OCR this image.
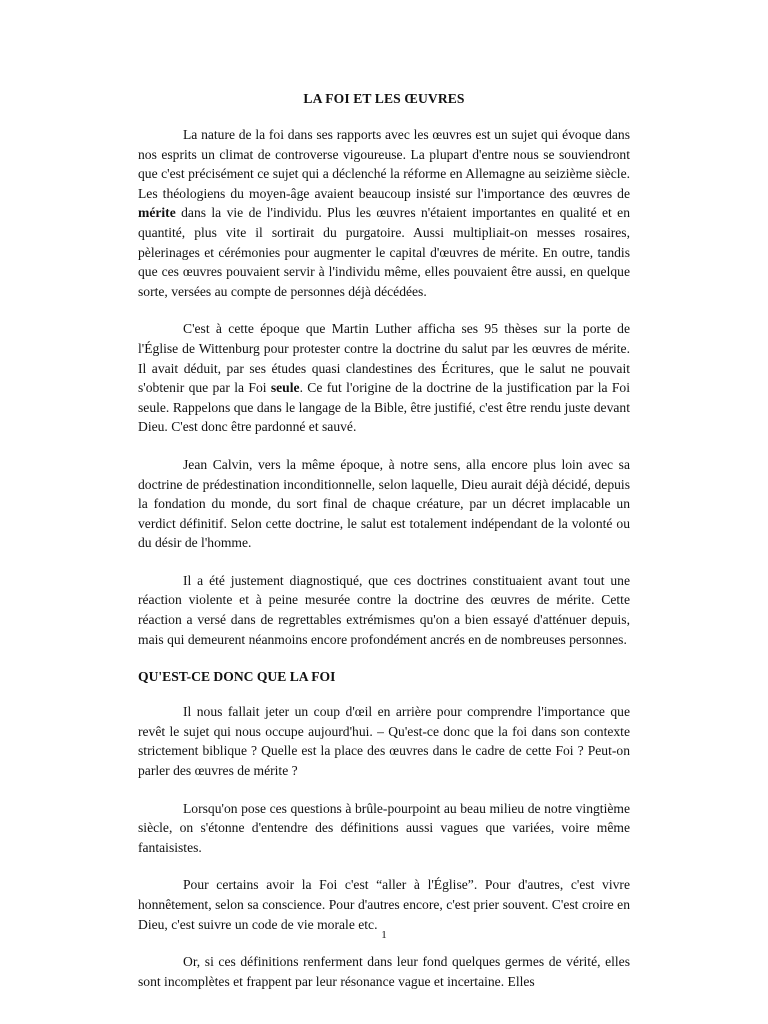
LA FOI ET LES ŒUVRES

La nature de la foi dans ses rapports avec les œuvres est un sujet qui évoque dans nos esprits un climat de controverse vigoureuse. La plupart d'entre nous se souviendront que c'est précisément ce sujet qui a déclenché la réforme en Allemagne au seizième siècle. Les théologiens du moyen-âge avaient beaucoup insisté sur l'importance des œuvres de mérite dans la vie de l'individu. Plus les œuvres n'étaient importantes en qualité et en quantité, plus vite il sortirait du purgatoire. Aussi multipliait-on messes rosaires, pèlerinages et cérémonies pour augmenter le capital d'œuvres de mérite. En outre, tandis que ces œuvres pouvaient servir à l'individu même, elles pouvaient être aussi, en quelque sorte, versées au compte de personnes déjà décédées.

C'est à cette époque que Martin Luther afficha ses 95 thèses sur la porte de l'Église de Wittenburg pour protester contre la doctrine du salut par les œuvres de mérite. Il avait déduit, par ses études quasi clandestines des Écritures, que le salut ne pouvait s'obtenir que par la Foi seule. Ce fut l'origine de la doctrine de la justification par la Foi seule. Rappelons que dans le langage de la Bible, être justifié, c'est être rendu juste devant Dieu. C'est donc être pardonné et sauvé.

Jean Calvin, vers la même époque, à notre sens, alla encore plus loin avec sa doctrine de prédestination inconditionnelle, selon laquelle, Dieu aurait déjà décidé, depuis la fondation du monde, du sort final de chaque créature, par un décret implacable un verdict définitif. Selon cette doctrine, le salut est totalement indépendant de la volonté ou du désir de l'homme.

Il a été justement diagnostiqué, que ces doctrines constituaient avant tout une réaction violente et à peine mesurée contre la doctrine des œuvres de mérite. Cette réaction a versé dans de regrettables extrémismes qu'on a bien essayé d'atténuer depuis, mais qui demeurent néanmoins encore profondément ancrés en de nombreuses personnes.

QU'EST-CE DONC QUE LA FOI

Il nous fallait jeter un coup d'œil en arrière pour comprendre l'importance que revêt le sujet qui nous occupe aujourd'hui. – Qu'est-ce donc que la foi dans son contexte strictement biblique ? Quelle est la place des œuvres dans le cadre de cette Foi ? Peut-on parler des œuvres de mérite ?

Lorsqu'on pose ces questions à brûle-pourpoint au beau milieu de notre vingtième siècle, on s'étonne d'entendre des définitions aussi vagues que variées, voire même fantaisistes.

Pour certains avoir la Foi c'est “aller à l'Église”. Pour d'autres, c'est vivre honnêtement, selon sa conscience. Pour d'autres encore, c'est prier souvent. C'est croire en Dieu, c'est suivre un code de vie morale etc.

Or, si ces définitions renferment dans leur fond quelques germes de vérité, elles sont incomplètes et frappent par leur résonance vague et incertaine. Elles

1
